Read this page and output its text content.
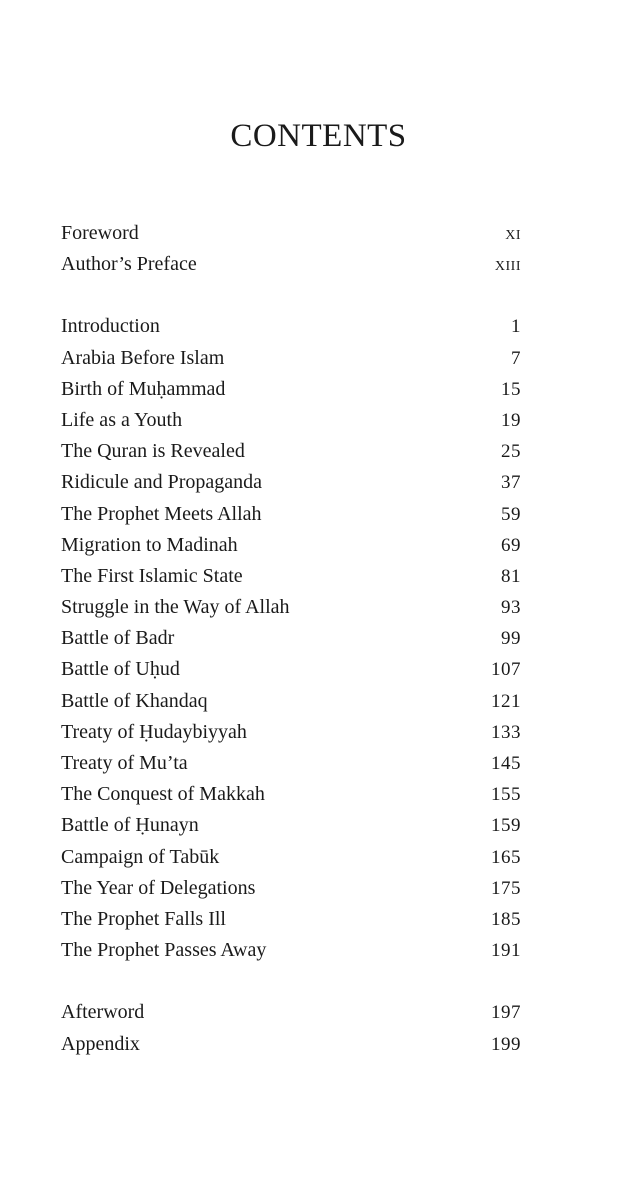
CONTENTS
Foreword	xi
Author’s Preface	xiii
Introduction	1
Arabia Before Islam	7
Birth of Muḥammad	15
Life as a Youth	19
The Quran is Revealed	25
Ridicule and Propaganda	37
The Prophet Meets Allah	59
Migration to Madinah	69
The First Islamic State	81
Struggle in the Way of Allah	93
Battle of Badr	99
Battle of Uḥud	107
Battle of Khandaq	121
Treaty of Ḥudaybiyyah	133
Treaty of Mu’ta	145
The Conquest of Makkah	155
Battle of Ḥunayn	159
Campaign of Tabūk	165
The Year of Delegations	175
The Prophet Falls Ill	185
The Prophet Passes Away	191
Afterword	197
Appendix	199
